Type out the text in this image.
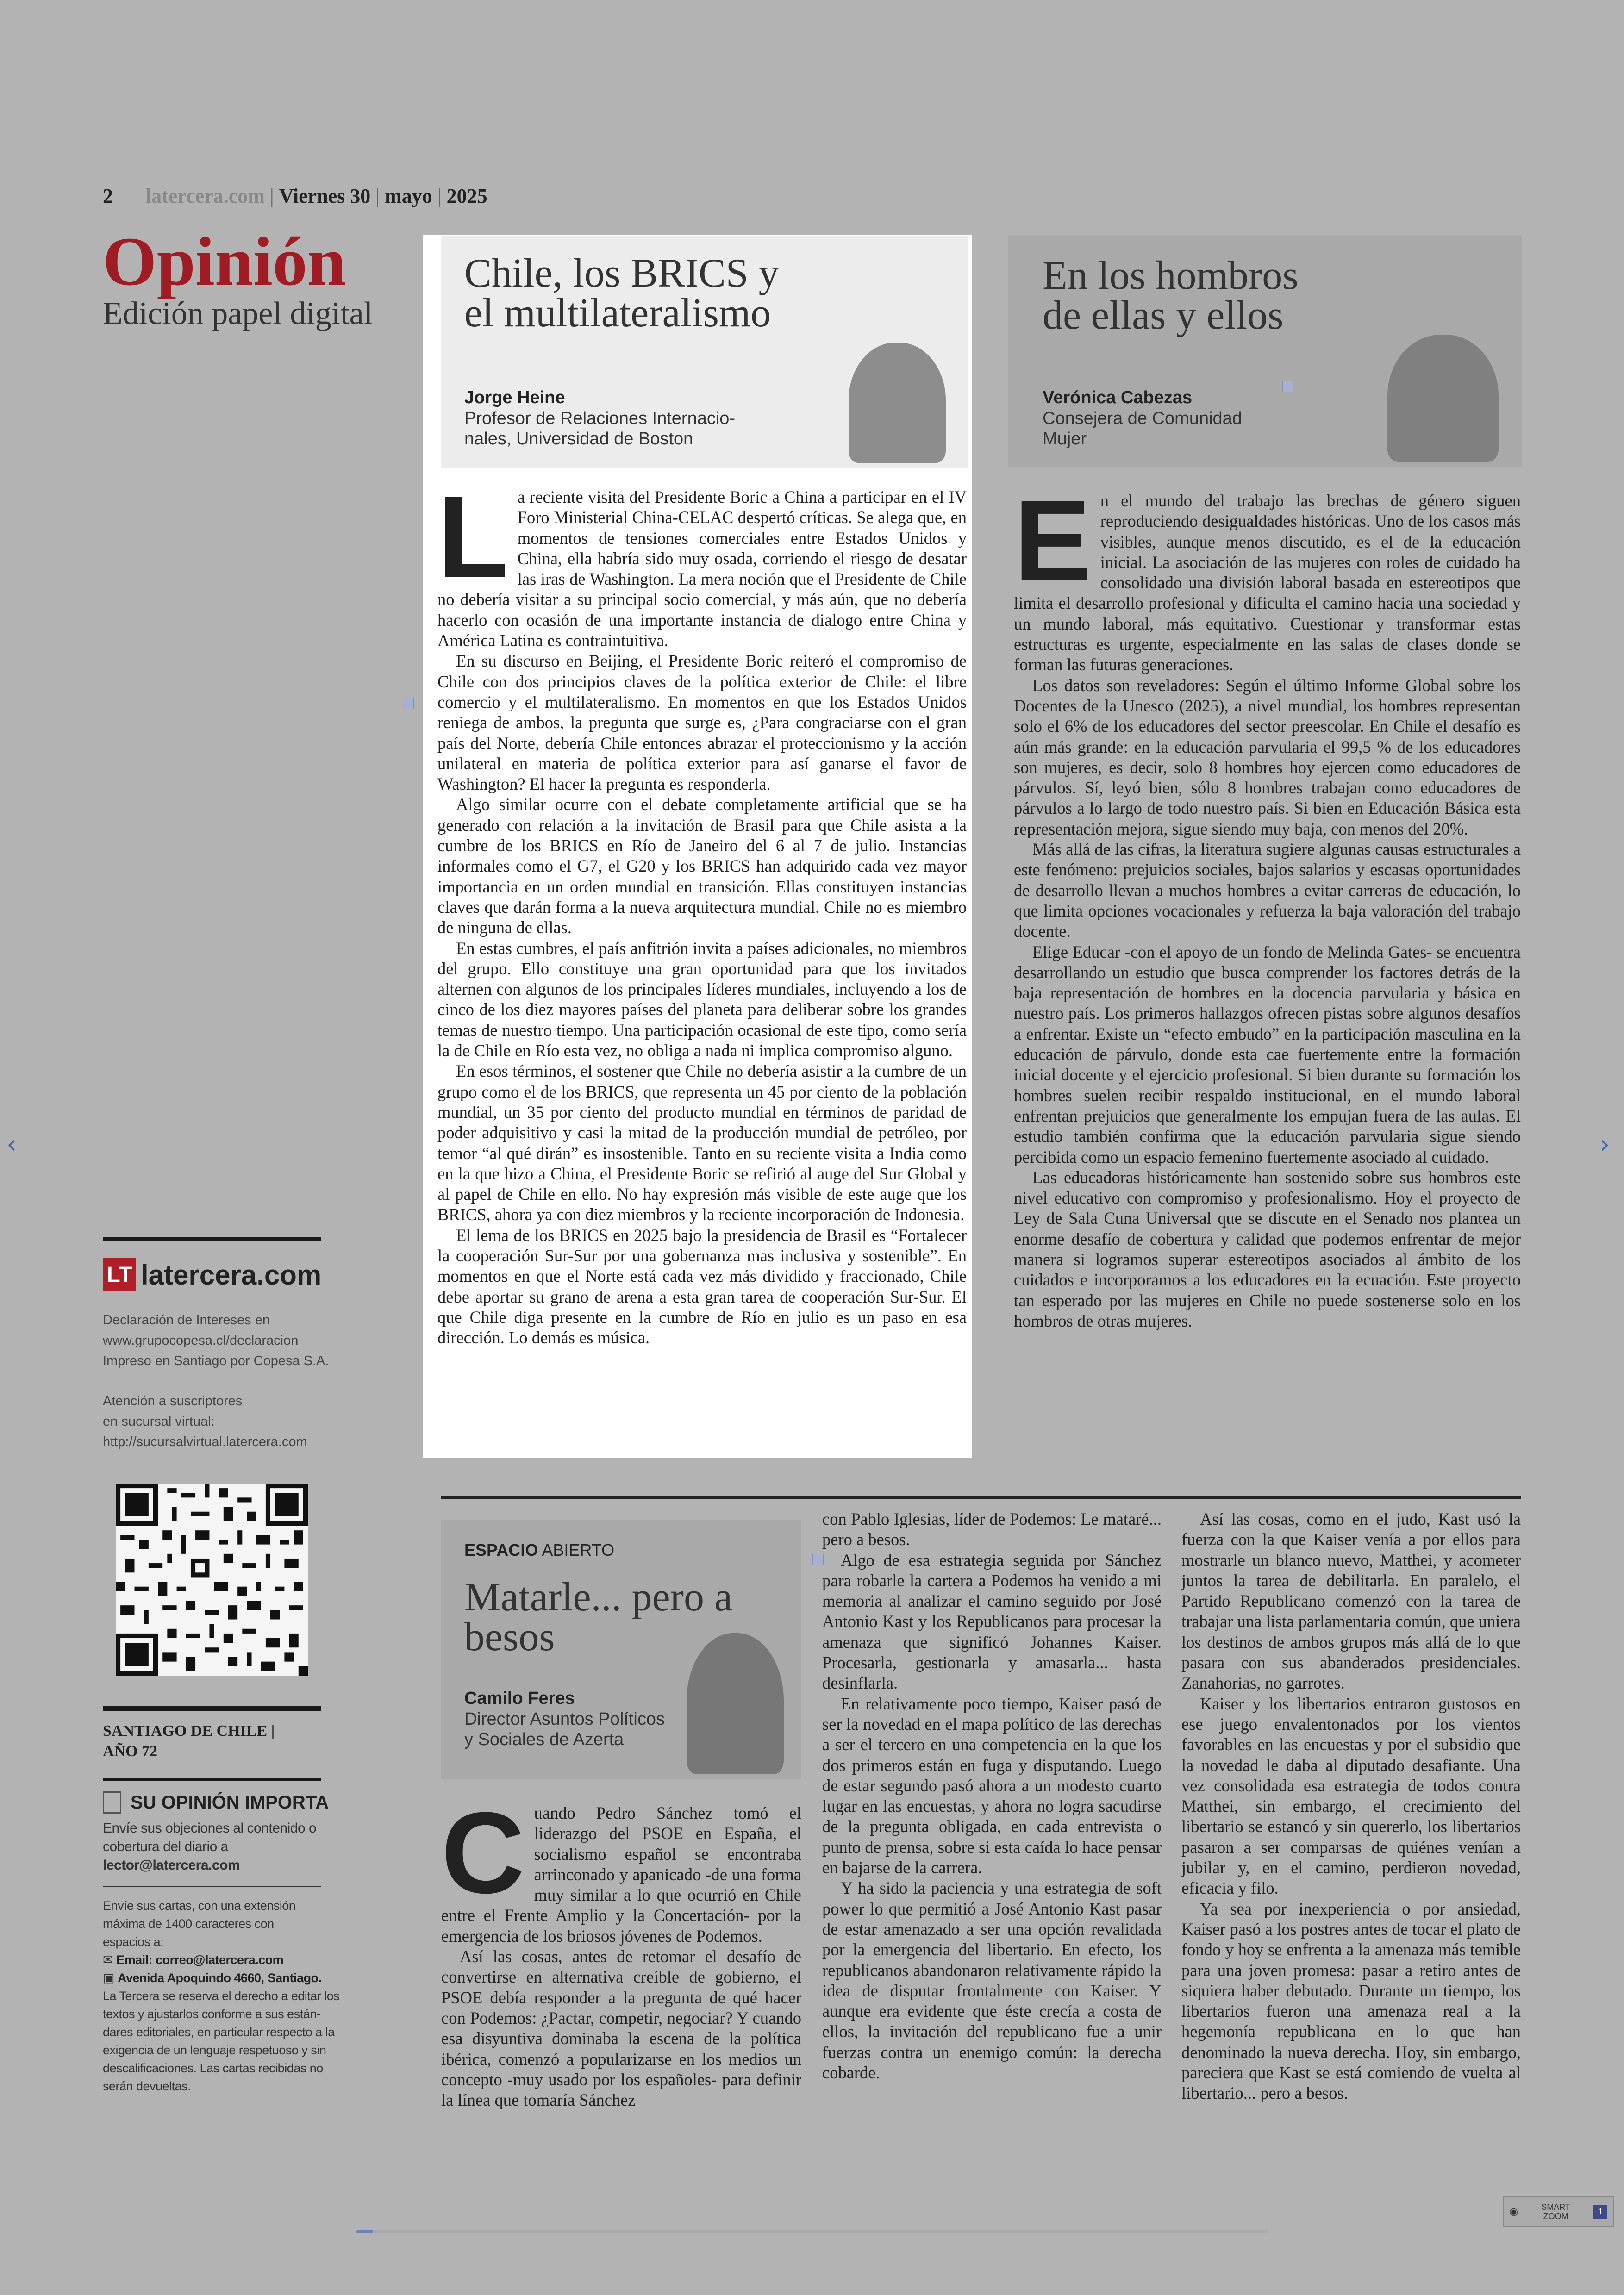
2 latercera.com | Viernes 30 | mayo | 2025
Opinión
Edición papel digital
LT latercera.com
Declaración de Intereses en
www.grupocopesa.cl/declaracion
Impreso en Santiago por Copesa S.A.
Atención a suscriptores
en sucursal virtual:
http://sucursalvirtual.latercera.com
SANTIAGO DE CHILE |
AÑO 72
SU OPINIÓN IMPORTA
Envíe sus objeciones al contenido o
cobertura del diario a
lector@latercera.com
Envíe sus cartas, con una extensión
máxima de 1400 caracteres con
espacios a:
✉ Email: correo@latercera.com
▣ Avenida Apoquindo 4660, Santiago.
La Tercera se reserva el derecho a editar los
textos y ajustarlos conforme a sus están-
dares editoriales, en particular respecto a la
exigencia de un lenguaje respetuoso y sin
descalificaciones. Las cartas recibidas no
serán devueltas.
Chile, los BRICS y
el multilateralismo
Jorge Heine
Profesor de Relaciones Internacio-
nales, Universidad de Boston
L a reciente visita del Presidente Boric a China a participar en el IV Foro Ministerial China-CELAC despertó críticas. Se alega que, en momentos de tensiones comerciales entre Estados Unidos y China, ella habría sido muy osada, corriendo el riesgo de desatar las iras de Washington. La mera noción que el Presidente de Chile no debería visitar a su principal socio comercial, y más aún, que no debería hacerlo con ocasión de una importante instancia de dialogo entre China y América Latina es contraintuitiva.

En su discurso en Beijing, el Presidente Boric reiteró el compromiso de Chile con dos principios claves de la política exterior de Chile: el libre comercio y el multilateralismo. En momentos en que los Estados Unidos reniega de ambos, la pregunta que surge es, ¿Para congraciarse con el gran país del Norte, debería Chile entonces abrazar el proteccionismo y la acción unilateral en materia de política exterior para así ganarse el favor de Washington? El hacer la pregunta es responderla.

Algo similar ocurre con el debate completamente artificial que se ha generado con relación a la invitación de Brasil para que Chile asista a la cumbre de los BRICS en Río de Janeiro del 6 al 7 de julio. Instancias informales como el G7, el G20 y los BRICS han adquirido cada vez mayor importancia en un orden mundial en transición. Ellas constituyen instancias claves que darán forma a la nueva arquitectura mundial. Chile no es miembro de ninguna de ellas.

En estas cumbres, el país anfitrión invita a países adicionales, no miembros del grupo. Ello constituye una gran oportunidad para que los invitados alternen con algunos de los principales líderes mundiales, incluyendo a los de cinco de los diez mayores países del planeta para deliberar sobre los grandes temas de nuestro tiempo. Una participación ocasional de este tipo, como sería la de Chile en Río esta vez, no obliga a nada ni implica compromiso alguno.

En esos términos, el sostener que Chile no debería asistir a la cumbre de un grupo como el de los BRICS, que representa un 45 por ciento de la población mundial, un 35 por ciento del producto mundial en términos de paridad de poder adquisitivo y casi la mitad de la producción mundial de petróleo, por temor “al qué dirán” es insostenible. Tanto en su reciente visita a India como en la que hizo a China, el Presidente Boric se refirió al auge del Sur Global y al papel de Chile en ello. No hay expresión más visible de este auge que los BRICS, ahora ya con diez miembros y la reciente incorporación de Indonesia.

El lema de los BRICS en 2025 bajo la presidencia de Brasil es “Fortalecer la cooperación Sur-Sur por una gobernanza mas inclusiva y sostenible”. En momentos en que el Norte está cada vez más dividido y fraccionado, Chile debe aportar su grano de arena a esta gran tarea de cooperación Sur-Sur. El que Chile diga presente en la cumbre de Río en julio es un paso en esa dirección. Lo demás es música.

En los hombros
de ellas y ellos
Verónica Cabezas
Consejera de Comunidad
Mujer
E n el mundo del trabajo las brechas de género siguen reproduciendo desigualdades históricas. Uno de los casos más visibles, aunque menos discutido, es el de la educación inicial. La asociación de las mujeres con roles de cuidado ha consolidado una división laboral basada en estereotipos que limita el desarrollo profesional y dificulta el camino hacia una sociedad y un mundo laboral, más equitativo. Cuestionar y transformar estas estructuras es urgente, especialmente en las salas de clases donde se forman las futuras generaciones.

Los datos son reveladores: Según el último Informe Global sobre los Docentes de la Unesco (2025), a nivel mundial, los hombres representan solo el 6% de los educadores del sector preescolar. En Chile el desafío es aún más grande: en la educación parvularia el 99,5 % de los educadores son mujeres, es decir, solo 8 hombres hoy ejercen como educadores de párvulos. Sí, leyó bien, sólo 8 hombres trabajan como educadores de párvulos a lo largo de todo nuestro país. Si bien en Educación Básica esta representación mejora, sigue siendo muy baja, con menos del 20%.

Más allá de las cifras, la literatura sugiere algunas causas estructurales a este fenómeno: prejuicios sociales, bajos salarios y escasas oportunidades de desarrollo llevan a muchos hombres a evitar carreras de educación, lo que limita opciones vocacionales y refuerza la baja valoración del trabajo docente.

Elige Educar -con el apoyo de un fondo de Melinda Gates- se encuentra desarrollando un estudio que busca comprender los factores detrás de la baja representación de hombres en la docencia parvularia y básica en nuestro país. Los primeros hallazgos ofrecen pistas sobre algunos desafíos a enfrentar. Existe un “efecto embudo” en la participación masculina en la educación de párvulo, donde esta cae fuertemente entre la formación inicial docente y el ejercicio profesional. Si bien durante su formación los hombres suelen recibir respaldo institucional, en el mundo laboral enfrentan prejuicios que generalmente los empujan fuera de las aulas. El estudio también confirma que la educación parvularia sigue siendo percibida como un espacio femenino fuertemente asociado al cuidado.

Las educadoras históricamente han sostenido sobre sus hombros este nivel educativo con compromiso y profesionalismo. Hoy el proyecto de Ley de Sala Cuna Universal que se discute en el Senado nos plantea un enorme desafío de cobertura y calidad que podemos enfrentar de mejor manera si logramos superar estereotipos asociados al ámbito de los cuidados e incorporamos a los educadores en la ecuación. Este proyecto tan esperado por las mujeres en Chile no puede sostenerse solo en los hombros de otras mujeres.

ESPACIO ABIERTO
Matarle... pero a
besos
Camilo Feres
Director Asuntos Políticos
y Sociales de Azerta
C uando Pedro Sánchez tomó el liderazgo del PSOE en España, el socialismo español se encontraba arrinconado y apanicado -de una forma muy similar a lo que ocurrió en Chile entre el Frente Amplio y la Concertación- por la emergencia de los briosos jóvenes de Podemos.

Así las cosas, antes de retomar el desafío de convertirse en alternativa creíble de gobierno, el PSOE debía responder a la pregunta de qué hacer con Podemos: ¿Pactar, competir, negociar? Y cuando esa disyuntiva dominaba la escena de la política ibérica, comenzó a popularizarse en los medios un concepto -muy usado por los españoles- para definir la línea que tomaría Sánchez

con Pablo Iglesias, líder de Podemos: Le mataré... pero a besos.

Algo de esa estrategia seguida por Sánchez para robarle la cartera a Podemos ha venido a mi memoria al analizar el camino seguido por José Antonio Kast y los Republicanos para procesar la amenaza que significó Johannes Kaiser. Procesarla, gestionarla y amasarla... hasta desinflarla.

En relativamente poco tiempo, Kaiser pasó de ser la novedad en el mapa político de las derechas a ser el tercero en una competencia en la que los dos primeros están en fuga y disputando. Luego de estar segundo pasó ahora a un modesto cuarto lugar en las encuestas, y ahora no logra sacudirse de la pregunta obligada, en cada entrevista o punto de prensa, sobre si esta caída lo hace pensar en bajarse de la carrera.

Y ha sido la paciencia y una estrategia de soft power lo que permitió a José Antonio Kast pasar de estar amenazado a ser una opción revalidada por la emergencia del libertario. En efecto, los republicanos abandonaron relativamente rápido la idea de disputar frontalmente con Kaiser. Y aunque era evidente que éste crecía a costa de ellos, la invitación del republicano fue a unir fuerzas contra un enemigo común: la derecha cobarde.

Así las cosas, como en el judo, Kast usó la fuerza con la que Kaiser venía a por ellos para mostrarle un blanco nuevo, Matthei, y acometer juntos la tarea de debilitarla. En paralelo, el Partido Republicano comenzó con la tarea de trabajar una lista parlamentaria común, que uniera los destinos de ambos grupos más allá de lo que pasara con sus abanderados presidenciales. Zanahorias, no garrotes.

Kaiser y los libertarios entraron gustosos en ese juego envalentonados por los vientos favorables en las encuestas y por el subsidio que la novedad le daba al diputado desafiante. Una vez consolidada esa estrategia de todos contra Matthei, sin embargo, el crecimiento del libertario se estancó y sin quererlo, los libertarios pasaron a ser comparsas de quiénes venían a jubilar y, en el camino, perdieron novedad, eficacia y filo.

Ya sea por inexperiencia o por ansiedad, Kaiser pasó a los postres antes de tocar el plato de fondo y hoy se enfrenta a la amenaza más temible para una joven promesa: pasar a retiro antes de siquiera haber debutado. Durante un tiempo, los libertarios fueron una amenaza real a la hegemonía republicana en lo que han denominado la nueva derecha. Hoy, sin embargo, pareciera que Kast se está comiendo de vuelta al libertario... pero a besos.

‹	›
◉	SMART
ZOOM
1
